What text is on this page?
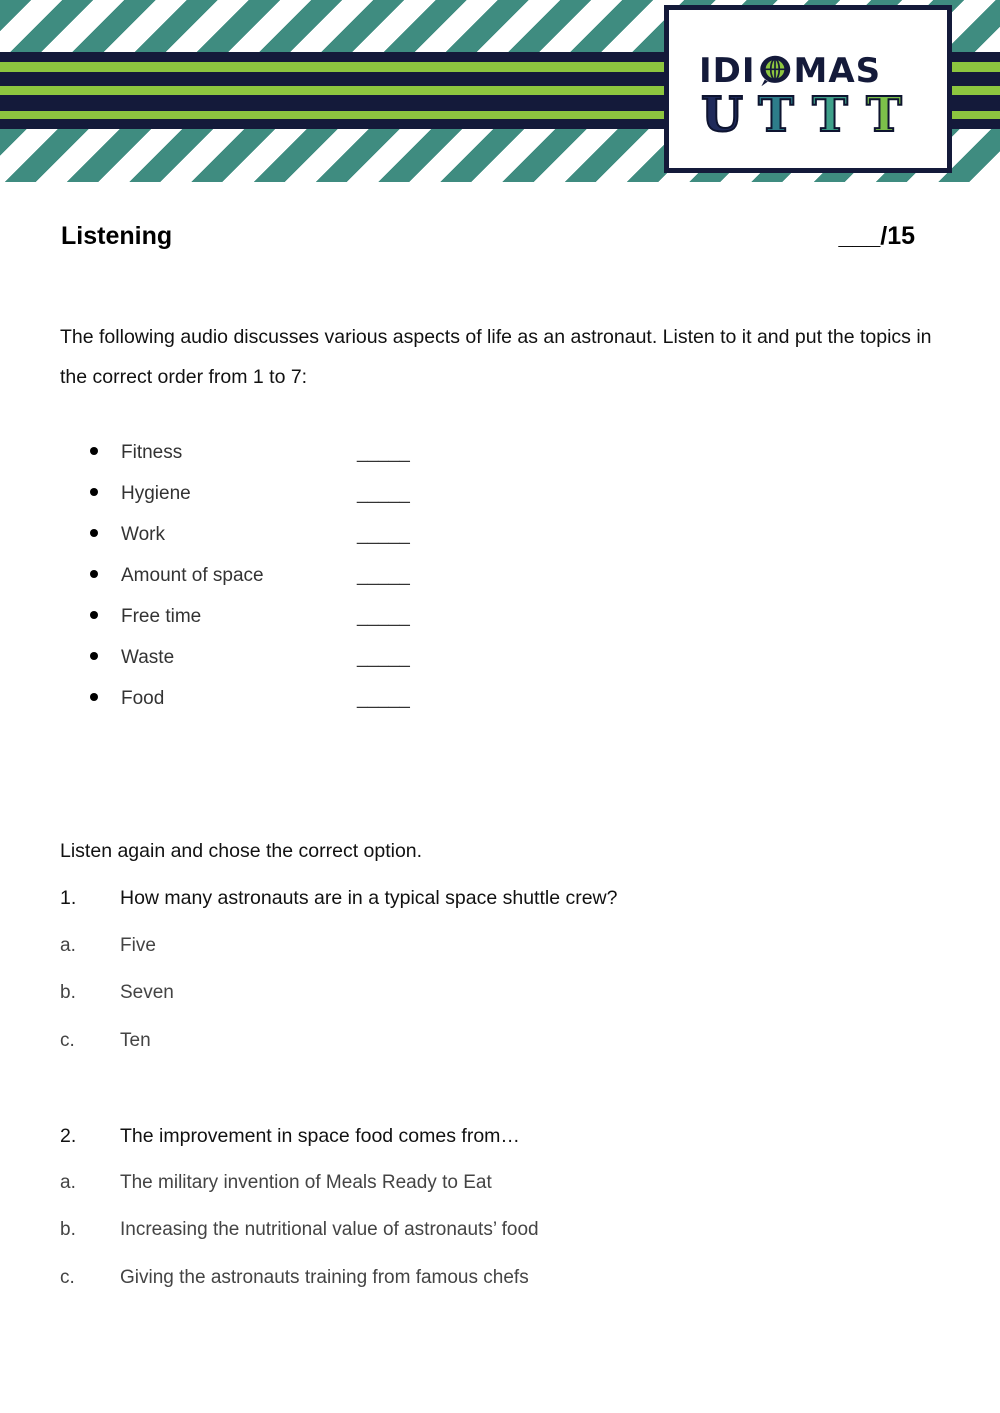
IDI MAS
U T T T
Listening	___/15
The following audio discusses various aspects of life as an astronaut. Listen to it and put the topics in the correct order from 1 to 7:
Fitness	_____
Hygiene	_____
Work	_____
Amount of space	_____
Free time	_____
Waste	_____
Food	_____
Listen again and chose the correct option.
1. How many astronauts are in a typical space shuttle crew?
a. Five
b. Seven
c. Ten
2. The improvement in space food comes from…
a. The military invention of Meals Ready to Eat
b. Increasing the nutritional value of astronauts’ food
c. Giving the astronauts training from famous chefs
